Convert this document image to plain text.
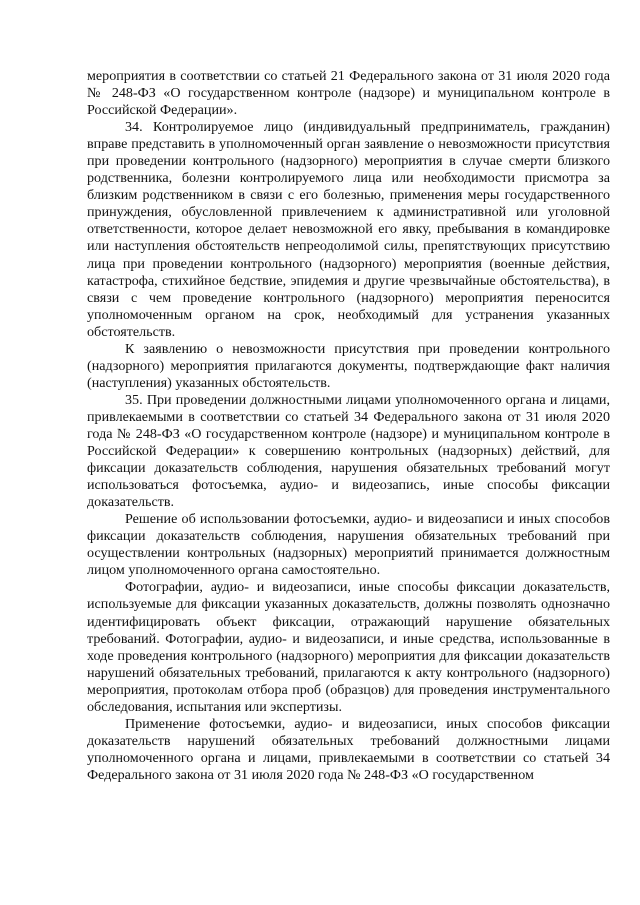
мероприятия в соответствии со статьей 21 Федерального закона от 31 июля 2020 года № 248-ФЗ «О государственном контроле (надзоре) и муниципальном контроле в Российской Федерации».

34. Контролируемое лицо (индивидуальный предприниматель, гражданин) вправе представить в уполномоченный орган заявление о невозможности присутствия при проведении контрольного (надзорного) мероприятия в случае смерти близкого родственника, болезни контролируемого лица или необходимости присмотра за близким родственником в связи с его болезнью, применения меры государственного принуждения, обусловленной привлечением к административной или уголовной ответственности, которое делает невозможной его явку, пребывания в командировке или наступления обстоятельств непреодолимой силы, препятствующих присутствию лица при проведении контрольного (надзорного) мероприятия (военные действия, катастрофа, стихийное бедствие, эпидемия и другие чрезвычайные обстоятельства), в связи с чем проведение контрольного (надзорного) мероприятия переносится уполномоченным органом на срок, необходимый для устранения указанных обстоятельств.

К заявлению о невозможности присутствия при проведении контрольного (надзорного) мероприятия прилагаются документы, подтверждающие факт наличия (наступления) указанных обстоятельств.

35. При проведении должностными лицами уполномоченного органа и лицами, привлекаемыми в соответствии со статьей 34 Федерального закона от 31 июля 2020 года № 248-ФЗ «О государственном контроле (надзоре) и муниципальном контроле в Российской Федерации» к совершению контрольных (надзорных) действий, для фиксации доказательств соблюдения, нарушения обязательных требований могут использоваться фотосъемка, аудио- и видеозапись, иные способы фиксации доказательств.

Решение об использовании фотосъемки, аудио- и видеозаписи и иных способов фиксации доказательств соблюдения, нарушения обязательных требований при осуществлении контрольных (надзорных) мероприятий принимается должностным лицом уполномоченного органа самостоятельно.

Фотографии, аудио- и видеозаписи, иные способы фиксации доказательств, используемые для фиксации указанных доказательств, должны позволять однозначно идентифицировать объект фиксации, отражающий нарушение обязательных требований. Фотографии, аудио- и видеозаписи, и иные средства, использованные в ходе проведения контрольного (надзорного) мероприятия для фиксации доказательств нарушений обязательных требований, прилагаются к акту контрольного (надзорного) мероприятия, протоколам отбора проб (образцов) для проведения инструментального обследования, испытания или экспертизы.

Применение фотосъемки, аудио- и видеозаписи, иных способов фиксации доказательств нарушений обязательных требований должностными лицами уполномоченного органа и лицами, привлекаемыми в соответствии со статьей 34 Федерального закона от 31 июля 2020 года № 248-ФЗ «О государственном
